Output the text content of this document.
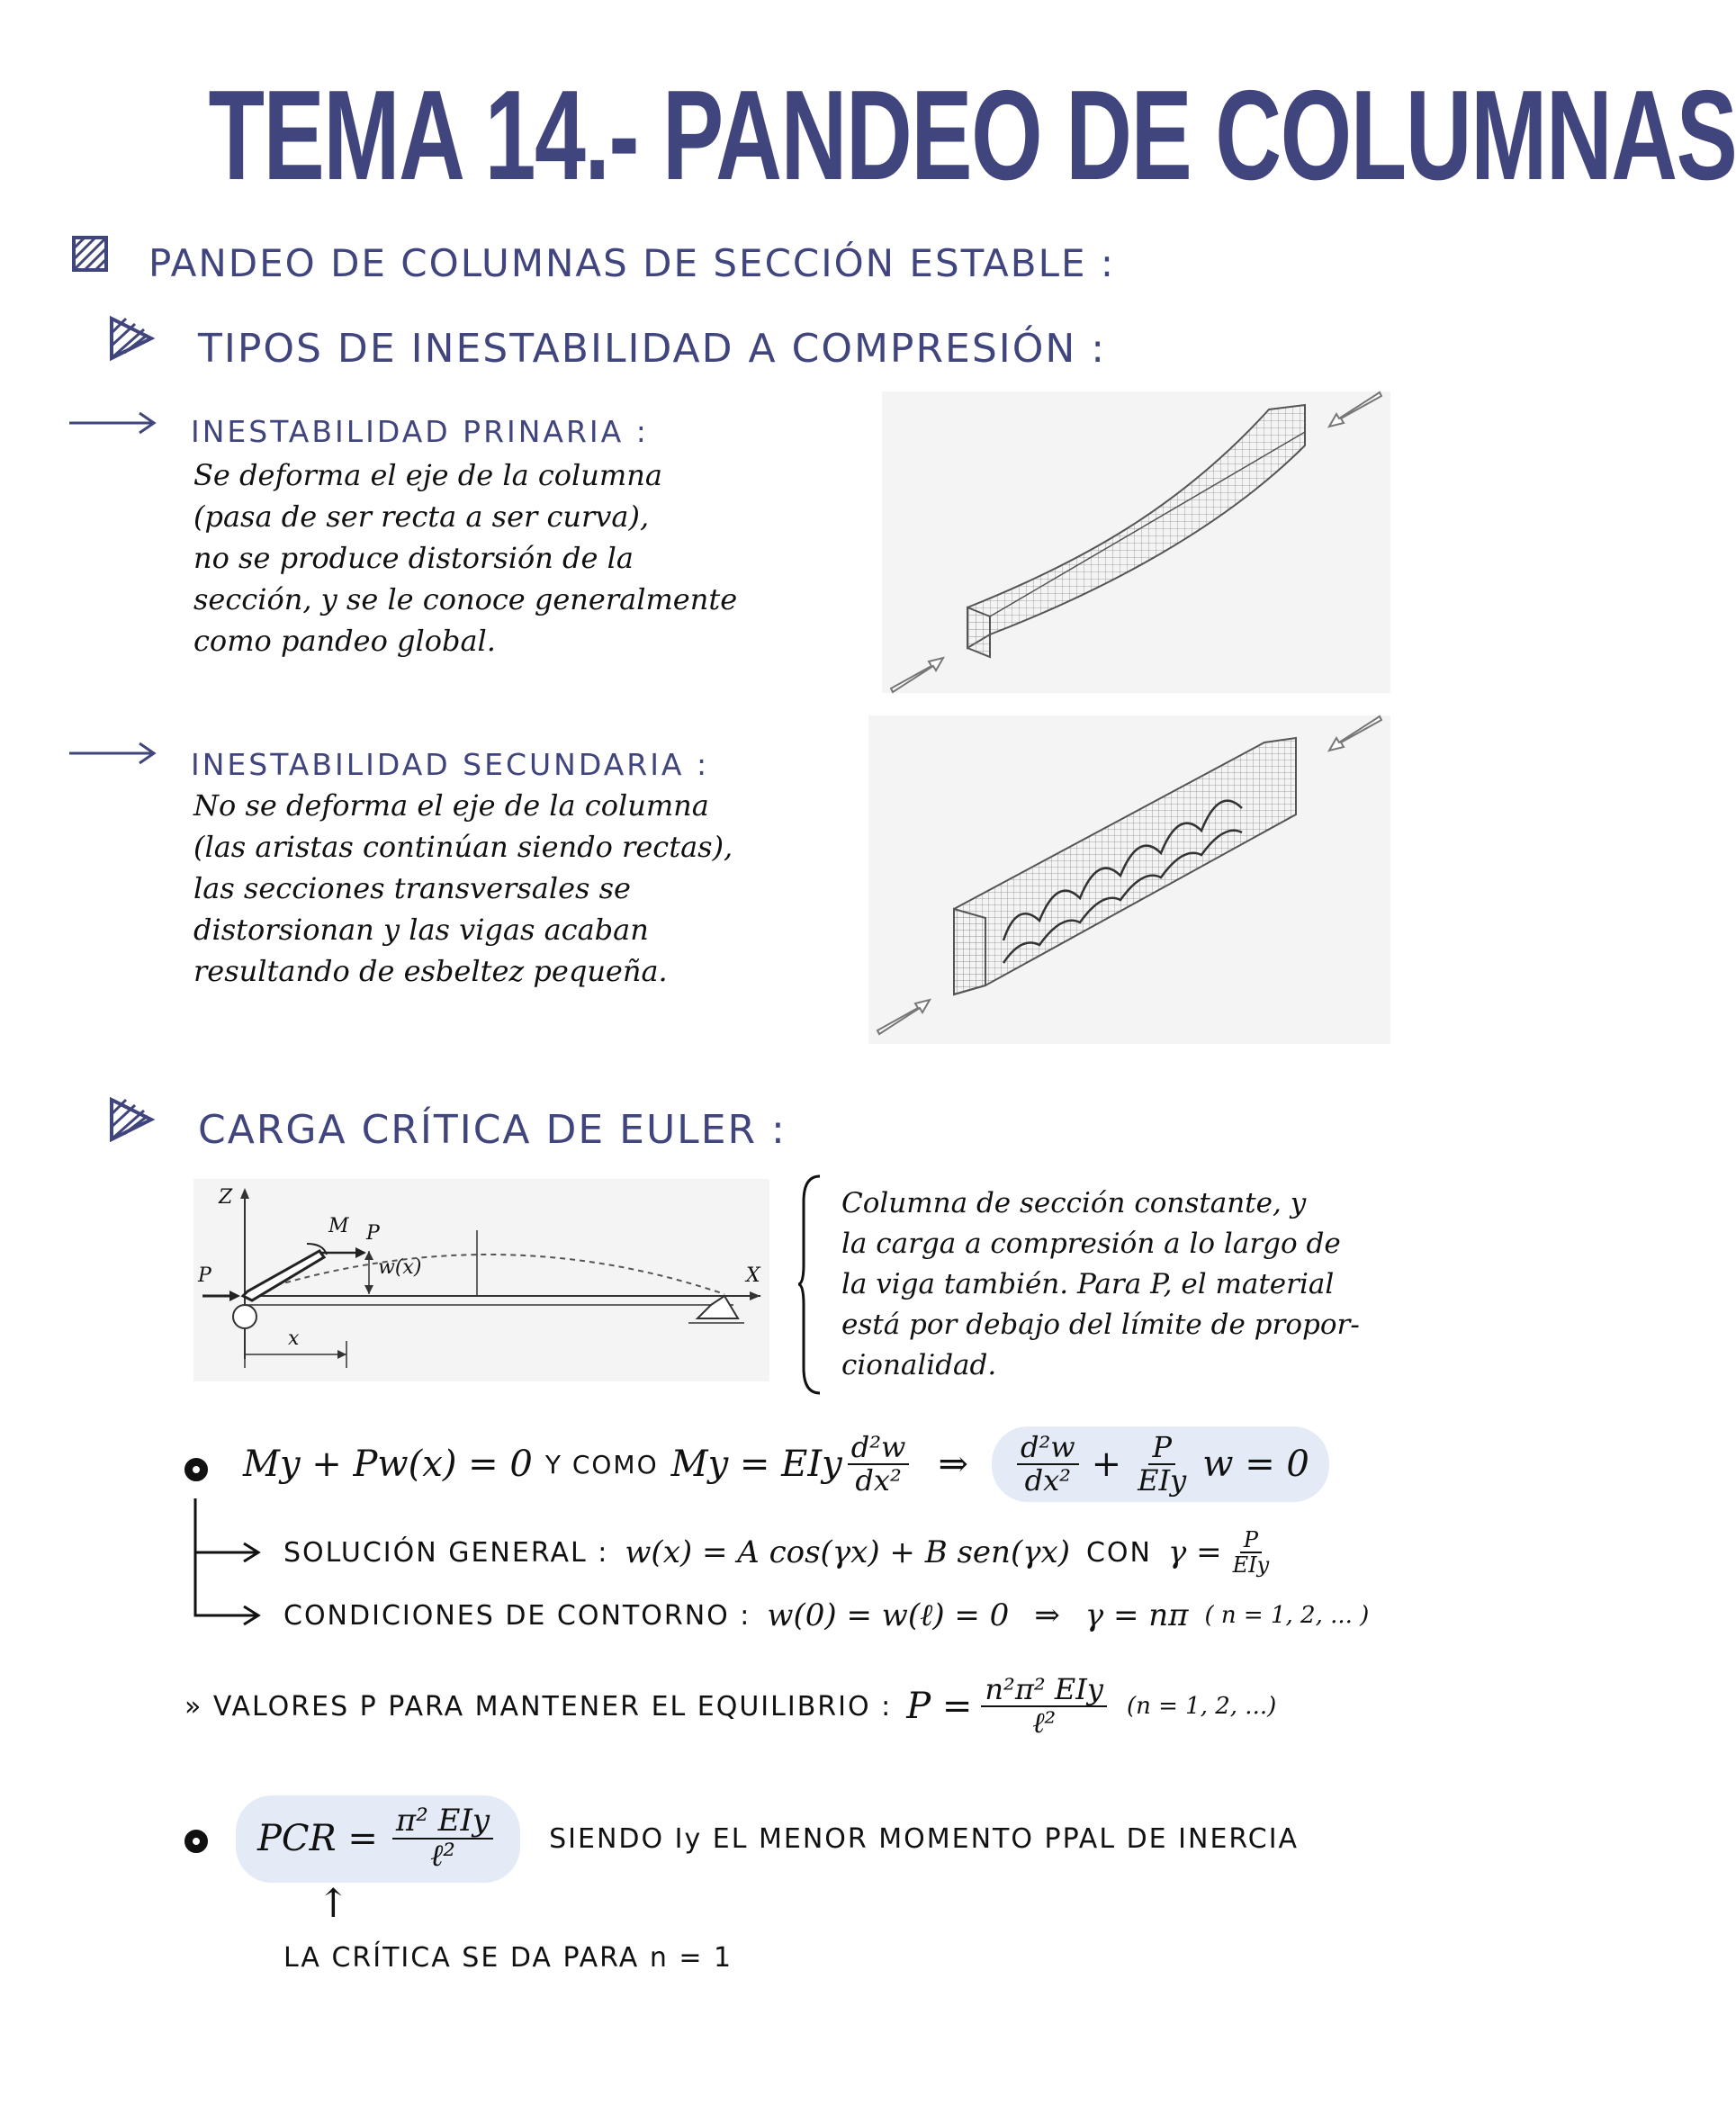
TEMA 14.- PANDEO DE COLUMNAS
PANDEO DE COLUMNAS DE SECCIÓN ESTABLE :
TIPOS DE INESTABILIDAD A COMPRESIÓN :
INESTABILIDAD PRINARIA :
Se deforma el eje de la columna
(pasa de ser recta a ser curva),
no se produce distorsión de la
sección, y se le conoce generalmente
como pandeo global.
INESTABILIDAD SECUNDARIA :
No se deforma el eje de la columna
(las aristas continúan siendo rectas),
las secciones transversales se
distorsionan y las vigas acaban
resultando de esbeltez pequeña.
CARGA CRÍTICA DE EULER :
Z
X
M P
P	w(x)
x
Columna de sección constante, y
la carga a compresión a lo largo de
la viga también. Para P, el material
está por debajo del límite de propor-
cionalidad.
My + Pw(x) = 0 Y COMO My = EIy $\frac{\text{d²w}}{\text{dx²}}$ ⇒ $\frac{\text{d²w}}{\text{dx²}} + \frac{P}{\text{EIy}}$ w = 0
SOLUCIÓN GENERAL : w(x) = A cos(γx) + B sen(γx) CON $\gamma = \frac{P}{\text{EIy}}$
CONDICIONES DE CONTORNO : w(0) = w(ℓ) = 0 ⇒ γ = nπ ( n = 1, 2, ... )
» VALORES P PARA MANTENER EL EQUILIBRIO : $P = \frac{\text{n²π² EIy}}{\text{ℓ²}} (n = 1$, 2, ...)
PCR = $\frac{\text{π² EIy}}{\text{ℓ²}}$ SIENDO Iy EL MENOR MOMENTO PPAL DE INERCIA
↑
LA CRÍTICA SE DA PARA n = 1
